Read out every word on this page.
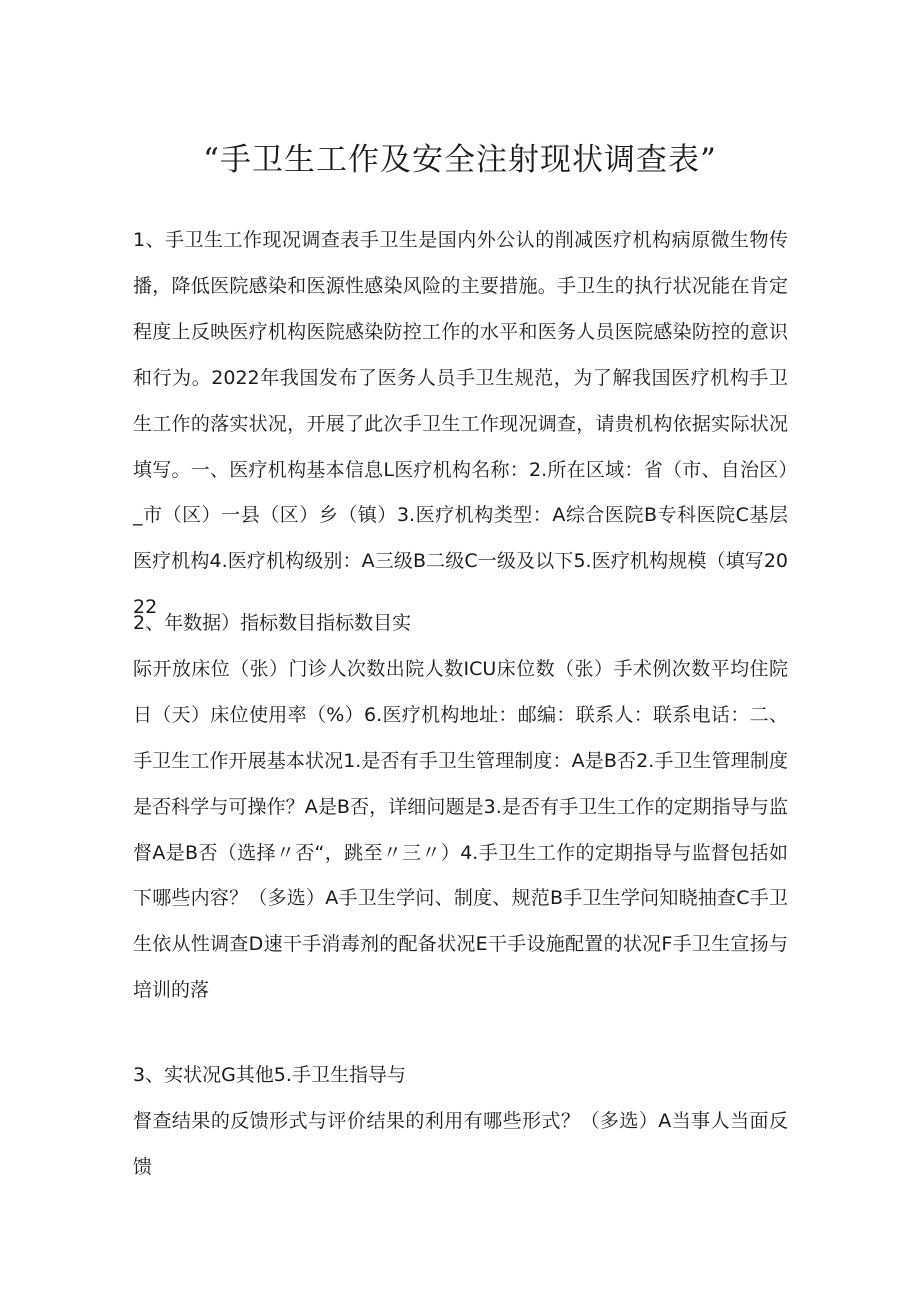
“手卫生工作及安全注射现状调查表”

1、手卫生工作现况调查表手卫生是国内外公认的削减医疗机构病原微生物传播，降低医院感染和医源性感染风险的主要措施。手卫生的执行状况能在肯定程度上反映医疗机构医院感染防控工作的水平和医务人员医院感染防控的意识和行为。2022年我国发布了医务人员手卫生规范，为了解我国医疗机构手卫生工作的落实状况，开展了此次手卫生工作现况调查，请贵机构依据实际状况填写。一、医疗机构基本信息L医疗机构名称：2.所在区域：省（市、自治区）_市（区）一县（区）乡（镇）3.医疗机构类型：A综合医院B专科医院C基层医疗机构4.医疗机构级别：A三级B二级C一级及以下5.医疗机构规模（填写2022

2、年数据）指标数目指标数目实
际开放床位（张）门诊人次数出院人数ICU床位数（张）手术例次数平均住院日（天）床位使用率（%）6.医疗机构地址：邮编：联系人：联系电话：二、手卫生工作开展基本状况1.是否有手卫生管理制度：A是B否2.手卫生管理制度是否科学与可操作？A是B否，详细问题是3.是否有手卫生工作的定期指导与监督A是B否（选择〃否“，跳至〃三〃）4.手卫生工作的定期指导与监督包括如下哪些内容？（多选）A手卫生学问、制度、规范B手卫生学问知晓抽查C手卫生依从性调查D速干手消毒剂的配备状况E干手设施配置的状况F手卫生宣扬与培训的落
3、实状况G其他5.手卫生指导与
督查结果的反馈形式与评价结果的利用有哪些形式？（多选）A当事人当面反馈
